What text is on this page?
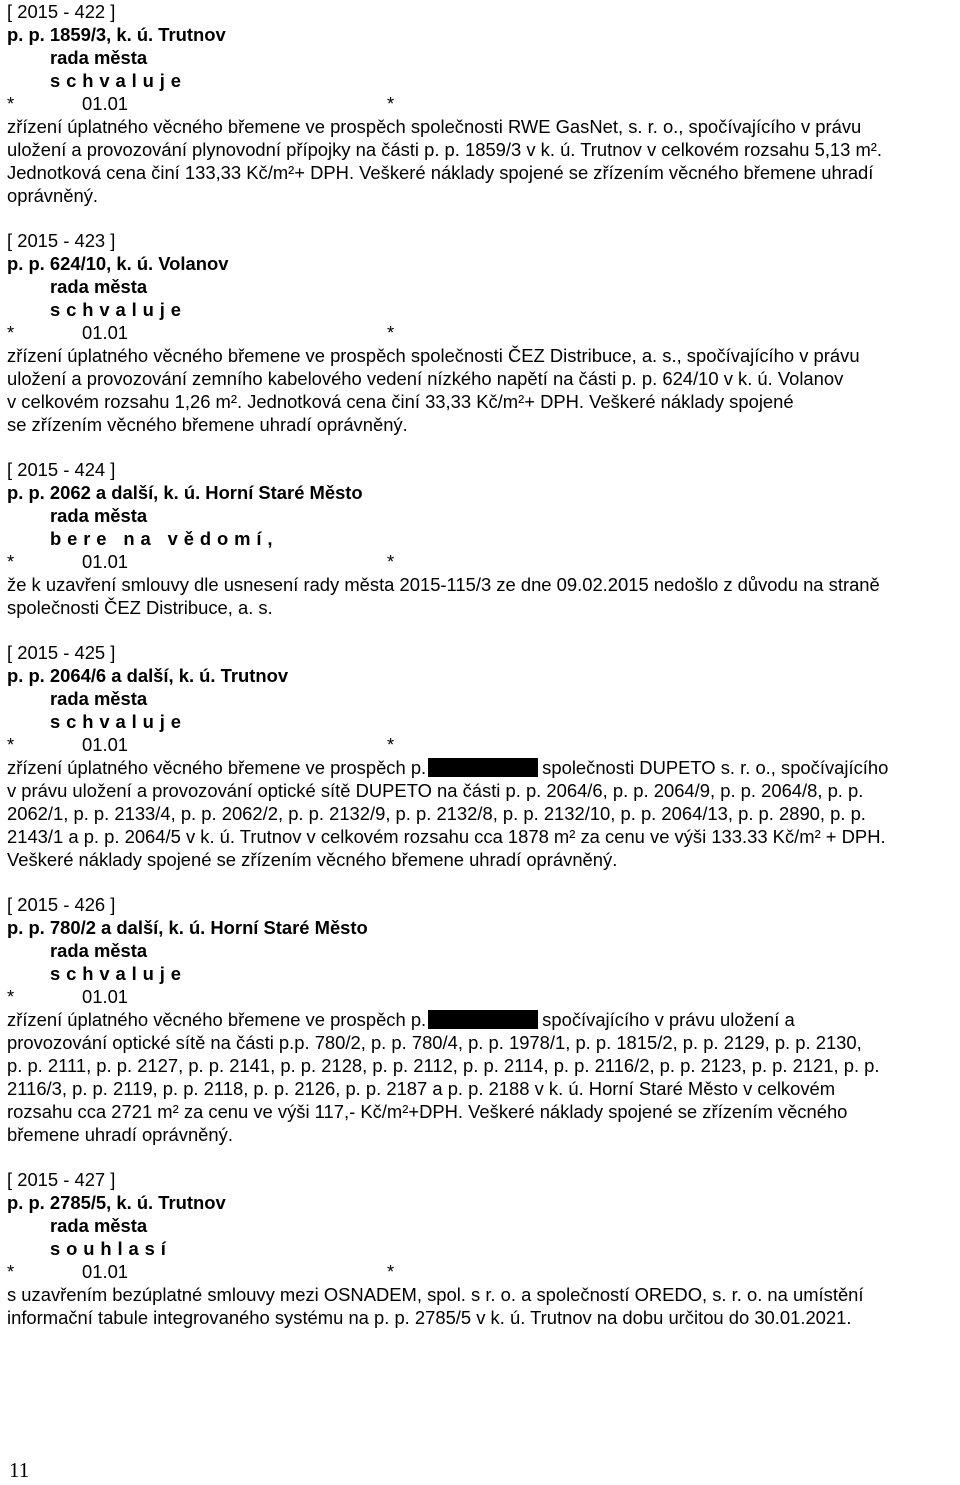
[ 2015 - 422 ]
p. p. 1859/3, k. ú. Trutnov
rada města
schvaluje
*	01.01	*
zřízení úplatného věcného břemene ve prospěch společnosti RWE GasNet, s. r. o., spočívajícího v právu
uložení a provozování plynovodní přípojky na části p. p. 1859/3 v k. ú. Trutnov v celkovém rozsahu 5,13 m².
Jednotková cena činí 133,33 Kč/m²+ DPH. Veškeré náklady spojené se zřízením věcného břemene uhradí
oprávněný.
[ 2015 - 423 ]
p. p. 624/10, k. ú. Volanov
rada města
schvaluje
*	01.01	*
zřízení úplatného věcného břemene ve prospěch společnosti ČEZ Distribuce, a. s., spočívajícího v právu
uložení a provozování zemního kabelového vedení nízkého napětí na části p. p. 624/10 v k. ú. Volanov
v celkovém rozsahu 1,26 m². Jednotková cena činí 33,33 Kč/m²+ DPH. Veškeré náklady spojené
se zřízením věcného břemene uhradí oprávněný.
[ 2015 - 424 ]
p. p. 2062 a další, k. ú. Horní Staré Město
rada města
bere na vědomí,
*	01.01	*
že k uzavření smlouvy dle usnesení rady města 2015-115/3 ze dne 09.02.2015 nedošlo z důvodu na straně
společnosti ČEZ Distribuce, a. s.
[ 2015 - 425 ]
p. p. 2064/6 a další, k. ú. Trutnov
rada města
schvaluje
*	01.01	*
zřízení úplatného věcného břemene ve prospěch p.	společnosti DUPETO s. r. o., spočívajícího
v právu uložení a provozování optické sítě DUPETO na části p. p. 2064/6, p. p. 2064/9, p. p. 2064/8, p. p.
2062/1, p. p. 2133/4, p. p. 2062/2, p. p. 2132/9, p. p. 2132/8, p. p. 2132/10, p. p. 2064/13, p. p. 2890, p. p.
2143/1 a p. p. 2064/5 v k. ú. Trutnov v celkovém rozsahu cca 1878 m² za cenu ve výši 133.33 Kč/m² + DPH.
Veškeré náklady spojené se zřízením věcného břemene uhradí oprávněný.
[ 2015 - 426 ]
p. p. 780/2 a další, k. ú. Horní Staré Město
rada města
schvaluje
*	01.01
zřízení úplatného věcného břemene ve prospěch p.	spočívajícího v právu uložení a
provozování optické sítě na části p.p. 780/2, p. p. 780/4, p. p. 1978/1, p. p. 1815/2, p. p. 2129, p. p. 2130,
p. p. 2111, p. p. 2127, p. p. 2141, p. p. 2128, p. p. 2112, p. p. 2114, p. p. 2116/2, p. p. 2123, p. p. 2121, p. p.
2116/3, p. p. 2119, p. p. 2118, p. p. 2126, p. p. 2187 a p. p. 2188 v k. ú. Horní Staré Město v celkovém
rozsahu cca 2721 m² za cenu ve výši 117,- Kč/m²+DPH. Veškeré náklady spojené se zřízením věcného
břemene uhradí oprávněný.
[ 2015 - 427 ]
p. p. 2785/5, k. ú. Trutnov
rada města
souhlasí
*	01.01	*
s uzavřením bezúplatné smlouvy mezi OSNADEM, spol. s r. o. a společností OREDO, s. r. o. na umístění
informační tabule integrovaného systému na p. p. 2785/5 v k. ú. Trutnov na dobu určitou do 30.01.2021.
11
